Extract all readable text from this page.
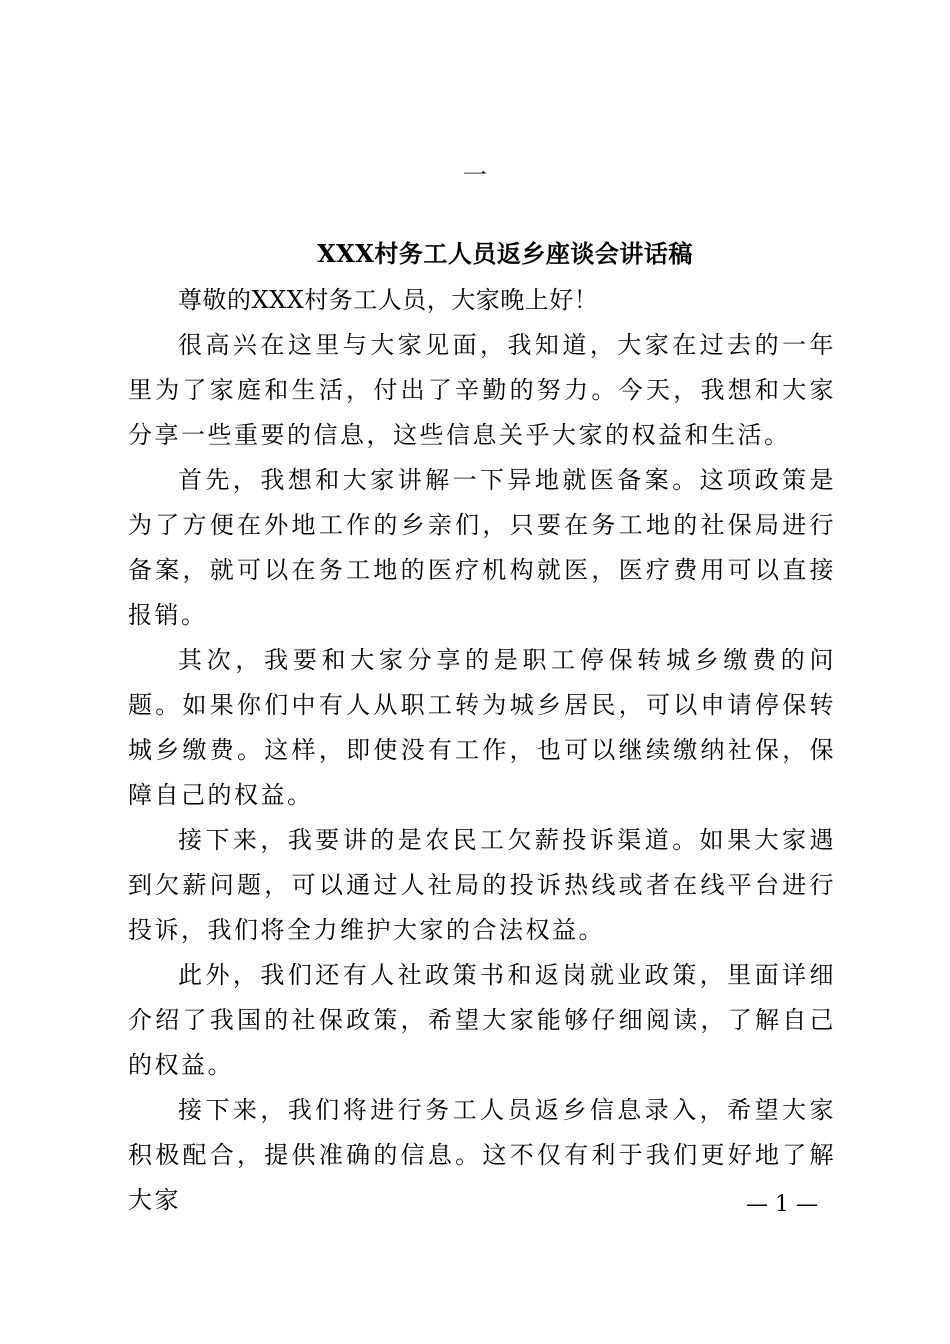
一
XXX村务工人员返乡座谈会讲话稿

尊敬的XXX村务工人员，大家晚上好！

很高兴在这里与大家见面，我知道，大家在过去的一年里为了家庭和生活，付出了辛勤的努力。今天，我想和大家分享一些重要的信息，这些信息关乎大家的权益和生活。

首先，我想和大家讲解一下异地就医备案。这项政策是为了方便在外地工作的乡亲们，只要在务工地的社保局进行备案，就可以在务工地的医疗机构就医，医疗费用可以直接报销。

其次，我要和大家分享的是职工停保转城乡缴费的问题。如果你们中有人从职工转为城乡居民，可以申请停保转城乡缴费。这样，即使没有工作，也可以继续缴纳社保，保障自己的权益。

接下来，我要讲的是农民工欠薪投诉渠道。如果大家遇到欠薪问题，可以通过人社局的投诉热线或者在线平台进行投诉，我们将全力维护大家的合法权益。

此外，我们还有人社政策书和返岗就业政策，里面详细介绍了我国的社保政策，希望大家能够仔细阅读，了解自己的权益。

接下来，我们将进行务工人员返乡信息录入，希望大家积极配合，提供准确的信息。这不仅有利于我们更好地了解大家	— 1 —
